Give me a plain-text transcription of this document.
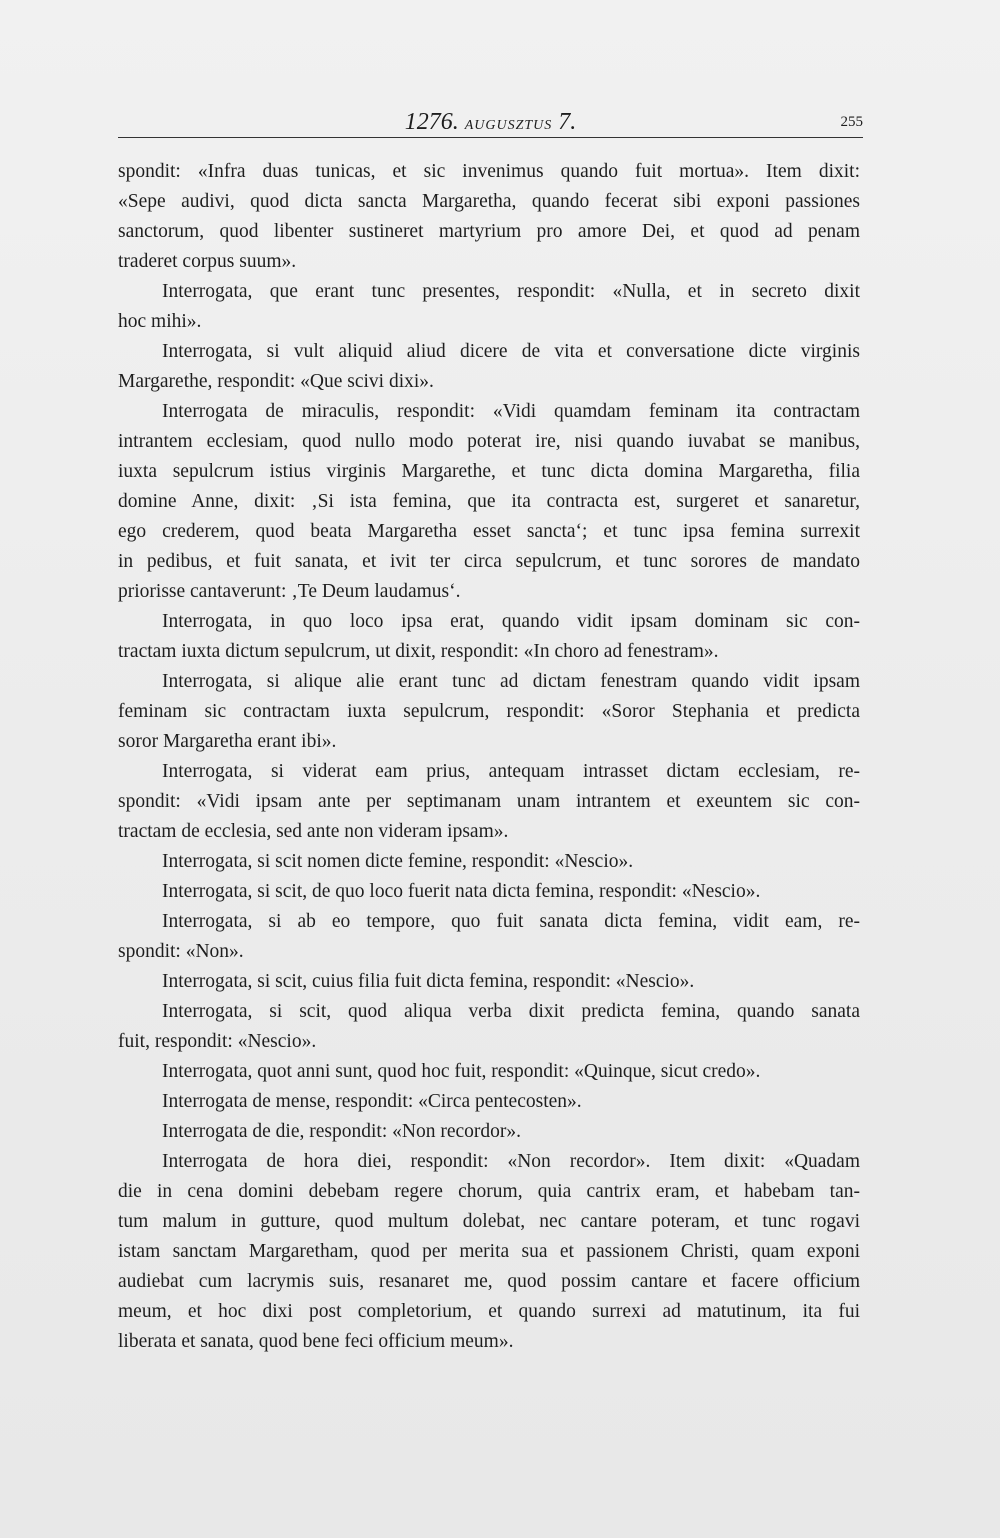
1276. AUGUSZTUS 7.	255
spondit: «Infra duas tunicas, et sic invenimus quando fuit mortua». Item dixit:
«Sepe audivi, quod dicta sancta Margaretha, quando fecerat sibi exponi passiones
sanctorum, quod libenter sustineret martyrium pro amore Dei, et quod ad penam
traderet corpus suum».
Interrogata, que erant tunc presentes, respondit: «Nulla, et in secreto dixit
hoc mihi».
Interrogata, si vult aliquid aliud dicere de vita et conversatione dicte virginis
Margarethe, respondit: «Que scivi dixi».
Interrogata de miraculis, respondit: «Vidi quamdam feminam ita contractam
intrantem ecclesiam, quod nullo modo poterat ire, nisi quando iuvabat se manibus,
iuxta sepulcrum istius virginis Margarethe, et tunc dicta domina Margaretha, filia
domine Anne, dixit: ‚Si ista femina, que ita contracta est, surgeret et sanaretur,
ego crederem, quod beata Margaretha esset sancta‘; et tunc ipsa femina surrexit
in pedibus, et fuit sanata, et ivit ter circa sepulcrum, et tunc sorores de mandato
priorisse cantaverunt: ‚Te Deum laudamus‘.
Interrogata, in quo loco ipsa erat, quando vidit ipsam dominam sic con-
tractam iuxta dictum sepulcrum, ut dixit, respondit: «In choro ad fenestram».
Interrogata, si alique alie erant tunc ad dictam fenestram quando vidit ipsam
feminam sic contractam iuxta sepulcrum, respondit: «Soror Stephania et predicta
soror Margaretha erant ibi».
Interrogata, si viderat eam prius, antequam intrasset dictam ecclesiam, re-
spondit: «Vidi ipsam ante per septimanam unam intrantem et exeuntem sic con-
tractam de ecclesia, sed ante non videram ipsam».
Interrogata, si scit nomen dicte femine, respondit: «Nescio».
Interrogata, si scit, de quo loco fuerit nata dicta femina, respondit: «Nescio».
Interrogata, si ab eo tempore, quo fuit sanata dicta femina, vidit eam, re-
spondit: «Non».
Interrogata, si scit, cuius filia fuit dicta femina, respondit: «Nescio».
Interrogata, si scit, quod aliqua verba dixit predicta femina, quando sanata
fuit, respondit: «Nescio».
Interrogata, quot anni sunt, quod hoc fuit, respondit: «Quinque, sicut credo».
Interrogata de mense, respondit: «Circa pentecosten».
Interrogata de die, respondit: «Non recordor».
Interrogata de hora diei, respondit: «Non recordor». Item dixit: «Quadam
die in cena domini debebam regere chorum, quia cantrix eram, et habebam tan-
tum malum in gutture, quod multum dolebat, nec cantare poteram, et tunc rogavi
istam sanctam Margaretham, quod per merita sua et passionem Christi, quam exponi
audiebat cum lacrymis suis, resanaret me, quod possim cantare et facere officium
meum, et hoc dixi post completorium, et quando surrexi ad matutinum, ita fui
liberata et sanata, quod bene feci officium meum».
